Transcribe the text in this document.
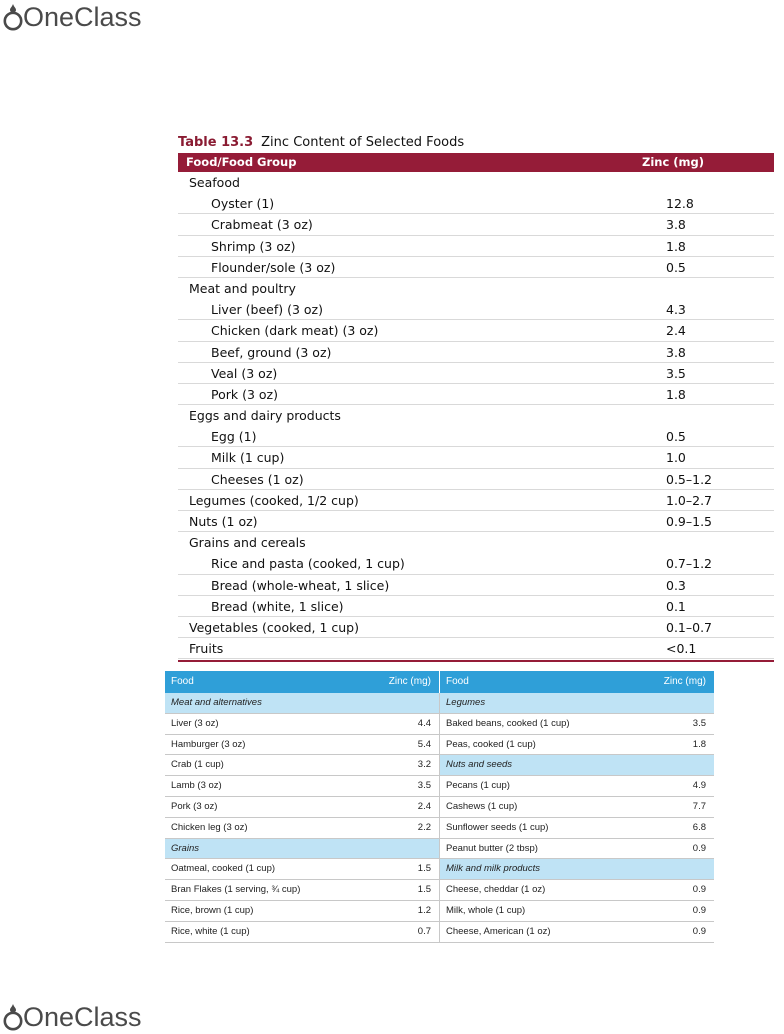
OneClass
Table 13.3 Zinc Content of Selected Foods
Food/Food Group	Zinc (mg)
Seafood
Oyster (1)	12.8
Crabmeat (3 oz)	3.8
Shrimp (3 oz)	1.8
Flounder/sole (3 oz)	0.5
Meat and poultry
Liver (beef) (3 oz)	4.3
Chicken (dark meat) (3 oz)	2.4
Beef, ground (3 oz)	3.8
Veal (3 oz)	3.5
Pork (3 oz)	1.8
Eggs and dairy products
Egg (1)	0.5
Milk (1 cup)	1.0
Cheeses (1 oz)	0.5–1.2
Legumes (cooked, 1/2 cup)	1.0–2.7
Nuts (1 oz)	0.9–1.5
Grains and cereals
Rice and pasta (cooked, 1 cup)	0.7–1.2
Bread (whole-wheat, 1 slice)	0.3
Bread (white, 1 slice)	0.1
Vegetables (cooked, 1 cup)	0.1–0.7
Fruits	<0.1
Food	Zinc (mg)	Food	Zinc (mg)
Meat and alternatives
Liver (3 oz)	4.4
Hamburger (3 oz)	5.4
Crab (1 cup)	3.2
Lamb (3 oz)	3.5
Pork (3 oz)	2.4
Chicken leg (3 oz)	2.2
Grains
Oatmeal, cooked (1 cup)	1.5
Bran Flakes (1 serving, ¾ cup)	1.5
Rice, brown (1 cup)	1.2
Rice, white (1 cup)	0.7
Legumes
Baked beans, cooked (1 cup)	3.5
Peas, cooked (1 cup)	1.8
Nuts and seeds
Pecans (1 cup)	4.9
Cashews (1 cup)	7.7
Sunflower seeds (1 cup)	6.8
Peanut butter (2 tbsp)	0.9
Milk and milk products
Cheese, cheddar (1 oz)	0.9
Milk, whole (1 cup)	0.9
Cheese, American (1 oz)	0.9
OneClass
